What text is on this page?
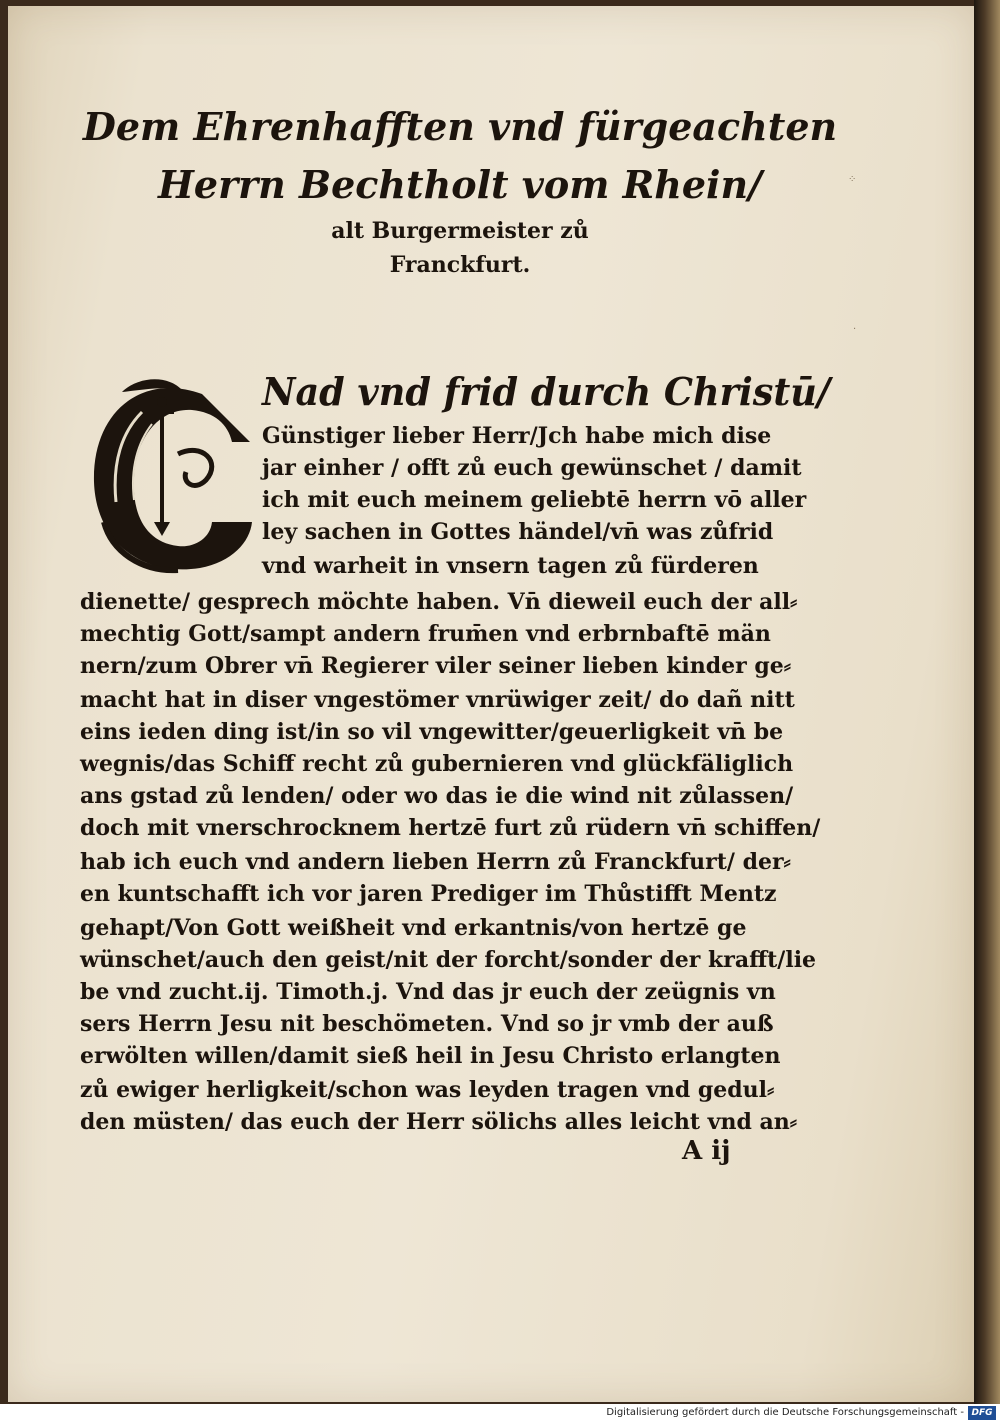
⁘
·
Dem Ehrenhafften vnd fürgeachten
Herrn Bechtholt vom Rhein/
alt Burgermeister zů
Franckfurt.
Nad vnd frid durch Christū/
Günstiger lieber Herr/Jch habe mich dise
jar einher / offt zů euch gewünschet / damit
ich mit euch meinem geliebtē herrn vō aller
ley sachen in Gottes händel/vn̄ was zůfrid
vnd warheit in vnsern tagen zů fürderen
dienette/ gesprech möchte haben. Vn̄ dieweil euch der all⸗
mechtig Gott/sampt andern frum̄en vnd erbrnbaftē män
nern/zum Obrer vn̄ Regierer viler seiner lieben kinder ge⸗
macht hat in diser vngestömer vnrüwiger zeit/ do dañ nitt
eins ieden ding ist/in so vil vngewitter/geuerligkeit vn̄ be
wegnis/das Schiff recht zů gubernieren vnd glückfäliglich
ans gstad zů lenden/ oder wo das ie die wind nit zůlassen/
doch mit vnerschrocknem hertzē furt zů rüdern vn̄ schiffen/
hab ich euch vnd andern lieben Herrn zů Franckfurt/ der⸗
en kuntschafft ich vor jaren Prediger im Thůstifft Mentz
gehapt/Von Gott weißheit vnd erkantnis/von hertzē ge
wünschet/auch den geist/nit der forcht/sonder der krafft/lie
be vnd zucht.ij. Timoth.j. Vnd das jr euch der zeügnis vn
sers Herrn Jesu nit beschömeten. Vnd so jr vmb der auß
erwölten willen/damit sieß heil in Jesu Christo erlangten
zů ewiger herligkeit/schon was leyden tragen vnd gedul⸗
den müsten/ das euch der Herr sölichs alles leicht vnd an⸗
A ij
Digitalisierung gefördert durch die Deutsche Forschungsgemeinschaft - DFG
